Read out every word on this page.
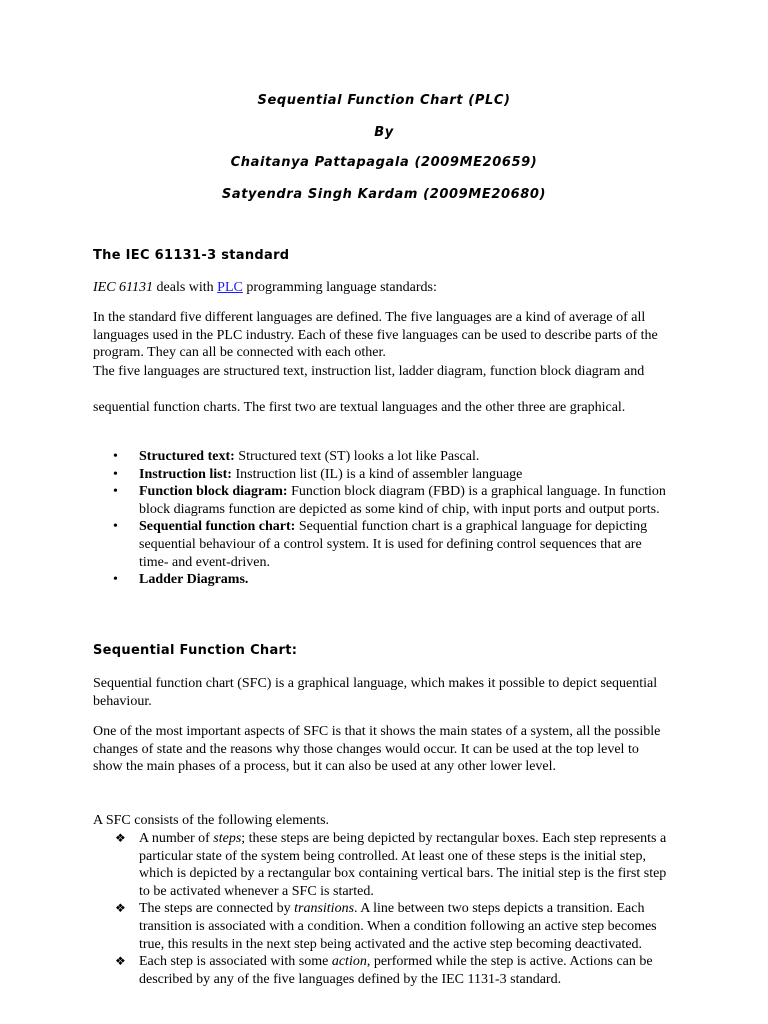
Sequential Function Chart (PLC)
By
Chaitanya Pattapagala (2009ME20659)
Satyendra Singh Kardam (2009ME20680)
The IEC 61131-3 standard

IEC 61131 deals with PLC programming language standards:

In the standard five different languages are defined. The five languages are a kind of average of all languages used in the PLC industry. Each of these five languages can be used to describe parts of the program. They can all be connected with each other.

The five languages are structured text, instruction list, ladder diagram, function block diagram and

sequential function charts. The first two are textual languages and the other three are graphical.

• Structured text: Structured text (ST) looks a lot like Pascal.
• Instruction list: Instruction list (IL) is a kind of assembler language
• Function block diagram: Function block diagram (FBD) is a graphical language. In function block diagrams function are depicted as some kind of chip, with input ports and output ports.
• Sequential function chart: Sequential function chart is a graphical language for depicting sequential behaviour of a control system. It is used for defining control sequences that are time- and event-driven.
• Ladder Diagrams.
Sequential Function Chart:

Sequential function chart (SFC) is a graphical language, which makes it possible to depict sequential behaviour.

One of the most important aspects of SFC is that it shows the main states of a system, all the possible changes of state and the reasons why those changes would occur. It can be used at the top level to show the main phases of a process, but it can also be used at any other lower level.

A SFC consists of the following elements.

❖ A number of steps; these steps are being depicted by rectangular boxes. Each step represents a particular state of the system being controlled. At least one of these steps is the initial step, which is depicted by a rectangular box containing vertical bars. The initial step is the first step to be activated whenever a SFC is started.
❖ The steps are connected by transitions. A line between two steps depicts a transition. Each transition is associated with a condition. When a condition following an active step becomes true, this results in the next step being activated and the active step becoming deactivated.
❖ Each step is associated with some action, performed while the step is active. Actions can be described by any of the five languages defined by the IEC 1131-3 standard.
